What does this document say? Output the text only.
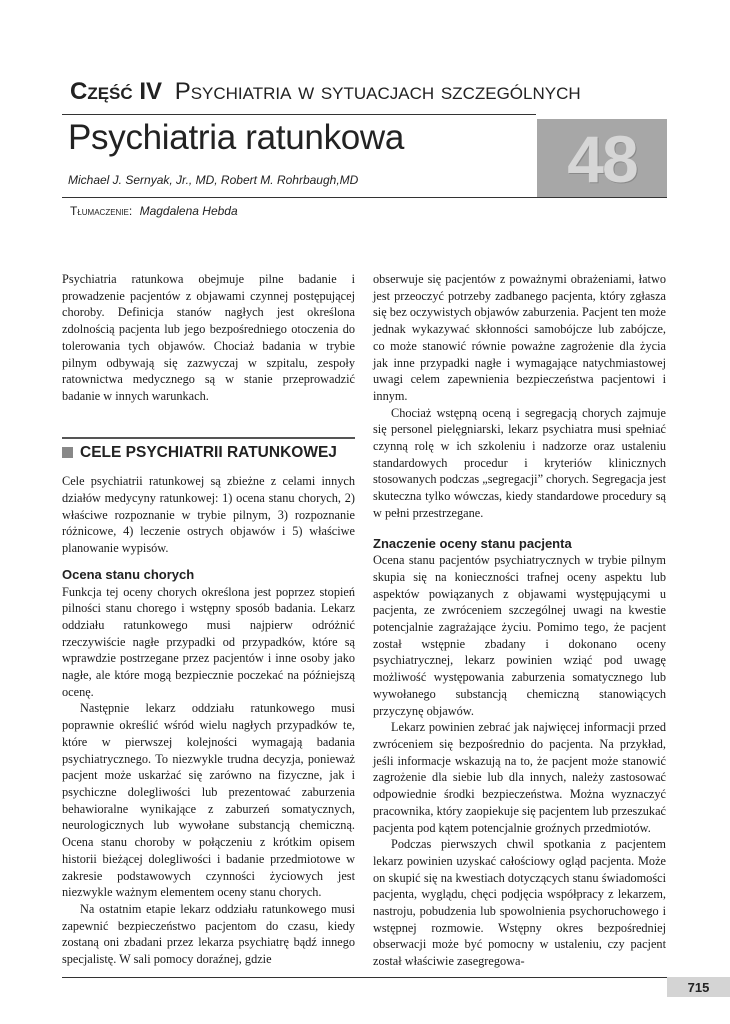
Część IV Psychiatria w sytuacjach szczególnych
Psychiatria ratunkowa 48
Michael J. Sernyak, Jr., MD, Robert M. Rohrbaugh,MD
Tłumaczenie: Magdalena Hebda

Psychiatria ratunkowa obejmuje pilne badanie i prowadzenie pacjentów z objawami czynnej postępującej choroby. Definicja stanów nagłych jest określona zdolnością pacjenta lub jego bezpośredniego otoczenia do tolerowania tych objawów. Chociaż badania w trybie pilnym odbywają się zazwyczaj w szpitalu, zespoły ratownictwa medycznego są w stanie przeprowadzić badanie w innych warunkach.

CELE PSYCHIATRII RATUNKOWEJ

Cele psychiatrii ratunkowej są zbieżne z celami innych działów medycyny ratunkowej: 1) ocena stanu chorych, 2) właściwe rozpoznanie w trybie pilnym, 3) rozpoznanie różnicowe, 4) leczenie ostrych objawów i 5) właściwe planowanie wypisów.

Ocena stanu chorych

Funkcja tej oceny chorych określona jest poprzez stopień pilności stanu chorego i wstępny sposób badania. Lekarz oddziału ratunkowego musi najpierw odróżnić rzeczywiście nagłe przypadki od przypadków, które są wprawdzie postrzegane przez pacjentów i inne osoby jako nagłe, ale które mogą bezpiecznie poczekać na późniejszą ocenę.

Następnie lekarz oddziału ratunkowego musi poprawnie określić wśród wielu nagłych przypadków te, które w pierwszej kolejności wymagają badania psychiatrycznego. To niezwykle trudna decyzja, ponieważ pacjent może uskarżać się zarówno na fizyczne, jak i psychiczne dolegliwości lub prezentować zaburzenia behawioralne wynikające z zaburzeń somatycznych, neurologicznych lub wywołane substancją chemiczną. Ocena stanu choroby w połączeniu z krótkim opisem historii bieżącej dolegliwości i badanie przedmiotowe w zakresie podstawowych czynności życiowych jest niezwykle ważnym elementem oceny stanu chorych.

Na ostatnim etapie lekarz oddziału ratunkowego musi zapewnić bezpieczeństwo pacjentom do czasu, kiedy zostaną oni zbadani przez lekarza psychiatrę bądź innego specjalistę. W sali pomocy doraźnej, gdzie

obserwuje się pacjentów z poważnymi obrażeniami, łatwo jest przeoczyć potrzeby zadbanego pacjenta, który zgłasza się bez oczywistych objawów zaburzenia. Pacjent ten może jednak wykazywać skłonności samobójcze lub zabójcze, co może stanowić równie poważne zagrożenie dla życia jak inne przypadki nagłe i wymagające natychmiastowej uwagi celem zapewnienia bezpieczeństwa pacjentowi i innym.

Chociaż wstępną oceną i segregacją chorych zajmuje się personel pielęgniarski, lekarz psychiatra musi spełniać czynną rolę w ich szkoleniu i nadzorze oraz ustaleniu standardowych procedur i kryteriów klinicznych stosowanych podczas „segregacji” chorych. Segregacja jest skuteczna tylko wówczas, kiedy standardowe procedury są w pełni przestrzegane.

Znaczenie oceny stanu pacjenta

Ocena stanu pacjentów psychiatrycznych w trybie pilnym skupia się na konieczności trafnej oceny aspektu lub aspektów powiązanych z objawami występującymi u pacjenta, ze zwróceniem szczególnej uwagi na kwestie potencjalnie zagrażające życiu. Pomimo tego, że pacjent został wstępnie zbadany i dokonano oceny psychiatrycznej, lekarz powinien wziąć pod uwagę możliwość występowania zaburzenia somatycznego lub wywołanego substancją chemiczną stanowiących przyczynę objawów.

Lekarz powinien zebrać jak najwięcej informacji przed zwróceniem się bezpośrednio do pacjenta. Na przykład, jeśli informacje wskazują na to, że pacjent może stanowić zagrożenie dla siebie lub dla innych, należy zastosować odpowiednie środki bezpieczeństwa. Można wyznaczyć pracownika, który zaopiekuje się pacjentem lub przeszukać pacjenta pod kątem potencjalnie groźnych przedmiotów.

Podczas pierwszych chwil spotkania z pacjentem lekarz powinien uzyskać całościowy ogląd pacjenta. Może on skupić się na kwestiach dotyczących stanu świadomości pacjenta, wyglądu, chęci podjęcia współpracy z lekarzem, nastroju, pobudzenia lub spowolnienia psychoruchowego i wstępnej rozmowie. Wstępny okres bezpośredniej obserwacji może być pomocny w ustaleniu, czy pacjent został właściwie zasegregowa-

715
